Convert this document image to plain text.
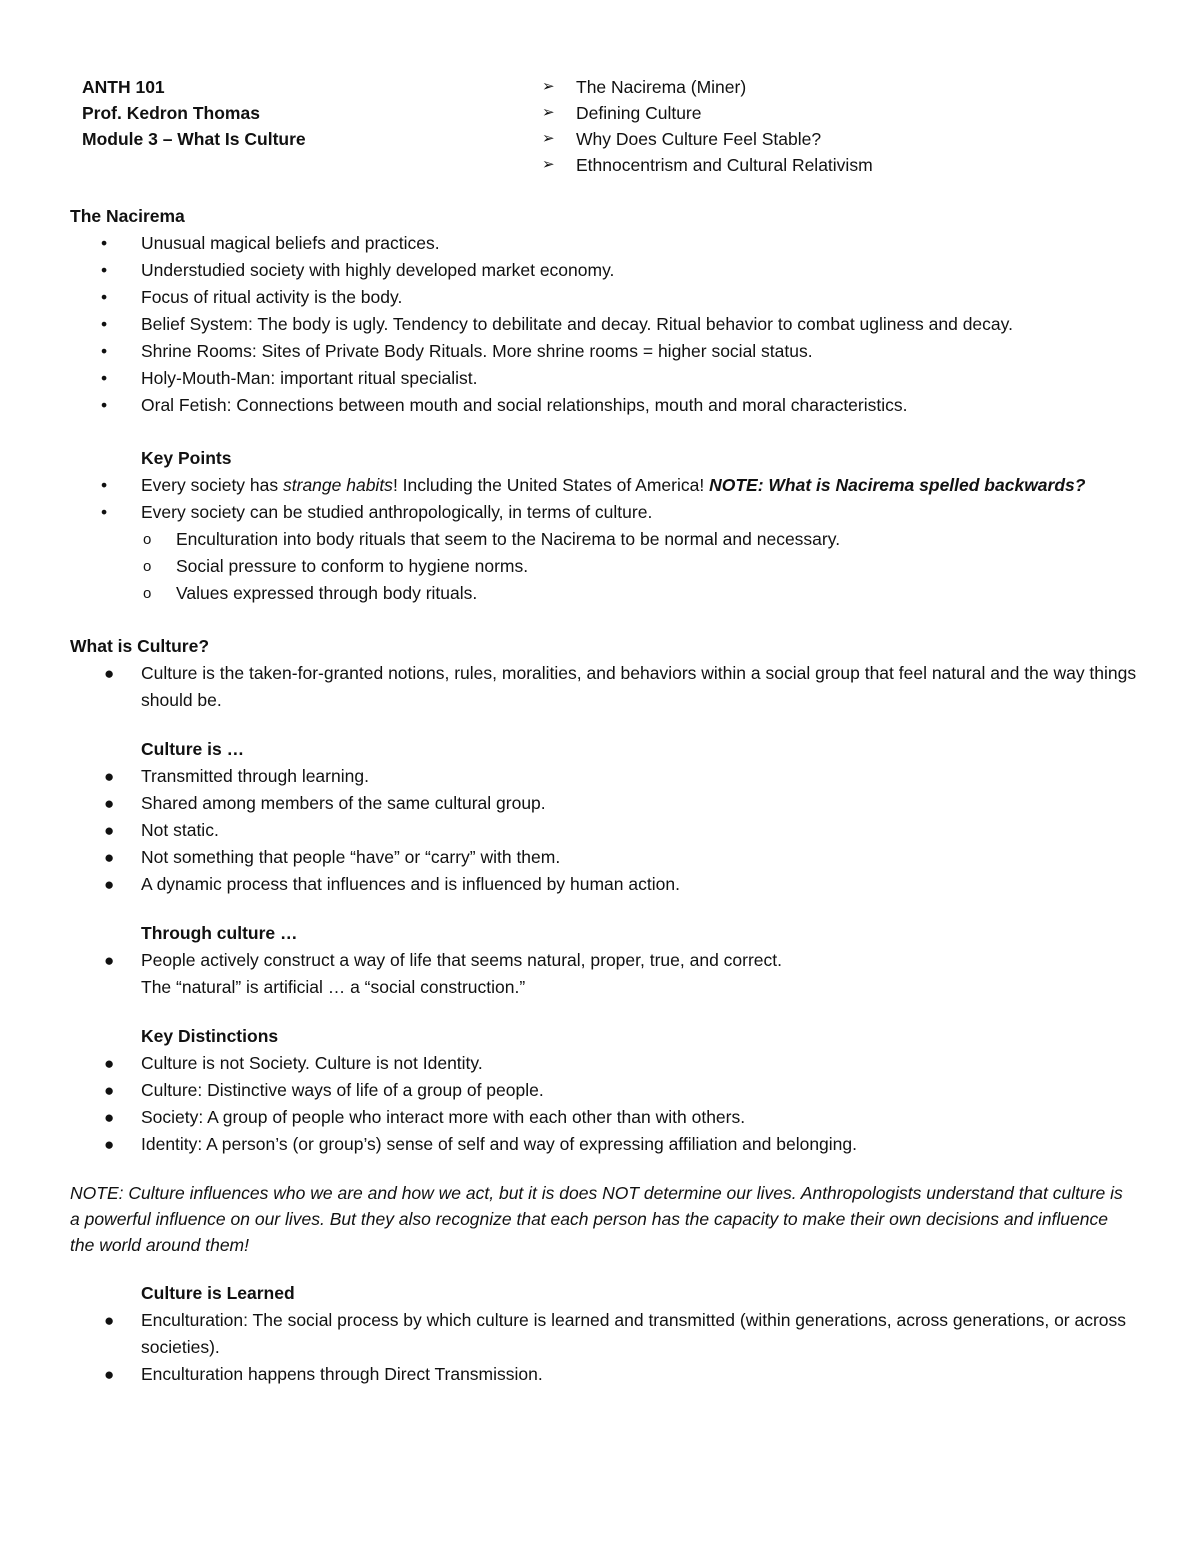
ANTH 101
Prof. Kedron Thomas
Module 3 – What Is Culture
➢ The Nacirema (Miner)
➢ Defining Culture
➢ Why Does Culture Feel Stable?
➢ Ethnocentrism and Cultural Relativism
The Nacirema
• Unusual magical beliefs and practices.
• Understudied society with highly developed market economy.
• Focus of ritual activity is the body.
• Belief System: The body is ugly. Tendency to debilitate and decay. Ritual behavior to combat ugliness and decay.
• Shrine Rooms: Sites of Private Body Rituals. More shrine rooms = higher social status.
• Holy-Mouth-Man: important ritual specialist.
• Oral Fetish: Connections between mouth and social relationships, mouth and moral characteristics.
Key Points
• Every society has strange habits! Including the United States of America! NOTE: What is Nacirema spelled backwards?
• Every society can be studied anthropologically, in terms of culture.
o Enculturation into body rituals that seem to the Nacirema to be normal and necessary.
o Social pressure to conform to hygiene norms.
o Values expressed through body rituals.
What is Culture?
● Culture is the taken-for-granted notions, rules, moralities, and behaviors within a social group that feel natural and the way things should be.
Culture is …
● Transmitted through learning.
● Shared among members of the same cultural group.
● Not static.
● Not something that people “have” or “carry” with them.
● A dynamic process that influences and is influenced by human action.
Through culture …
● People actively construct a way of life that seems natural, proper, true, and correct.
The “natural” is artificial … a “social construction.”
Key Distinctions
● Culture is not Society. Culture is not Identity.
● Culture: Distinctive ways of life of a group of people.
● Society: A group of people who interact more with each other than with others.
● Identity: A person’s (or group’s) sense of self and way of expressing affiliation and belonging.
NOTE: Culture influences who we are and how we act, but it is does NOT determine our lives. Anthropologists understand that culture is a powerful influence on our lives. But they also recognize that each person has the capacity to make their own decisions and influence the world around them!
Culture is Learned
● Enculturation: The social process by which culture is learned and transmitted (within generations, across generations, or across societies).
● Enculturation happens through Direct Transmission.
